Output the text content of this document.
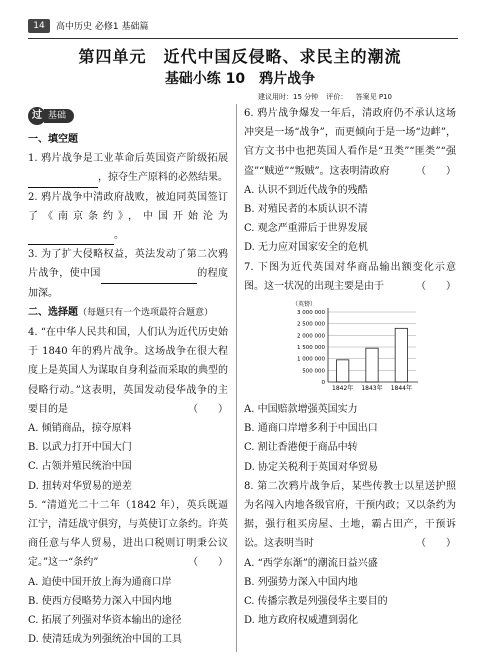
14	高中历史 必修1 基础篇
第四单元　近代中国反侵略、求民主的潮流
基础小练 10　鸦片战争
建议用时：15 分钟 评价： 答案见 P10
过 基础

一、填空题

1. 鸦片战争是工业革命后英国资产阶级拓展，掠夺生产原料的必然结果。

2. 鸦片战争中清政府战败，被迫同英国签订了《南京条约》，中国开始沦为。

3. 为了扩大侵略权益，英法发动了第二次鸦片战争，使中国	的程度加深。

二、选择题（每题只有一个选项最符合题意）

4. “在中华人民共和国，人们认为近代历史始于 1840 年的鸦片战争。这场战争在很大程度上是英国人为谋取自身利益而采取的典型的侵略行动。”这表明，英国发动侵华战争的主要目的是	（　　）

A. 倾销商品，掠夺原料

B. 以武力打开中国大门

C. 占领并殖民统治中国

D. 扭转对华贸易的逆差

5. “清道光二十二年（1842 年），英兵既逼江宁，清廷战守俱穷，与英使订立条约。许英商任意与华人贸易，进出口税则订明秉公议定。”这一“条约”	（　　）

A. 迫使中国开放上海为通商口岸

B. 使西方侵略势力深入中国内地

C. 拓展了列强对华资本输出的途径

D. 使清廷成为列强统治中国的工具

6. 鸦片战争爆发一年后，清政府仍不承认这场冲突是一场“战争”，而更倾向于是一场“边衅”，官方文书中也把英国人看作是“丑类”“匪类”“强盗”“贼逆”“叛贼”。这表明清政府	（　　）

A. 认识不到近代战争的残酷

B. 对殖民者的本质认识不清

C. 观念严重滞后于世界发展

D. 无力应对国家安全的危机

7. 下图为近代英国对华商品输出额变化示意图。这一状况的出现主要是由于	（　　）

（英镑）
0
500 000
1 000 000
1 500 000
2 000 000
2 500 000
3 000 000
1842年 1843年 1844年

A. 中国赔款增强英国实力

B. 通商口岸增多利于中国出口

C. 割让香港便于商品中转

D. 协定关税利于英国对华贸易

8. 第二次鸦片战争后，某些传教士以星送护照为名闯入内地各级官府，干预内政；又以条约为据，强行租买房屋、土地，霸占田产，干预诉讼。这表明当时	（　　）

A. “西学东渐”的潮流日益兴盛

B. 列强势力深入中国内地

C. 传播宗教是列强侵华主要目的

D. 地方政府权威遭到弱化
